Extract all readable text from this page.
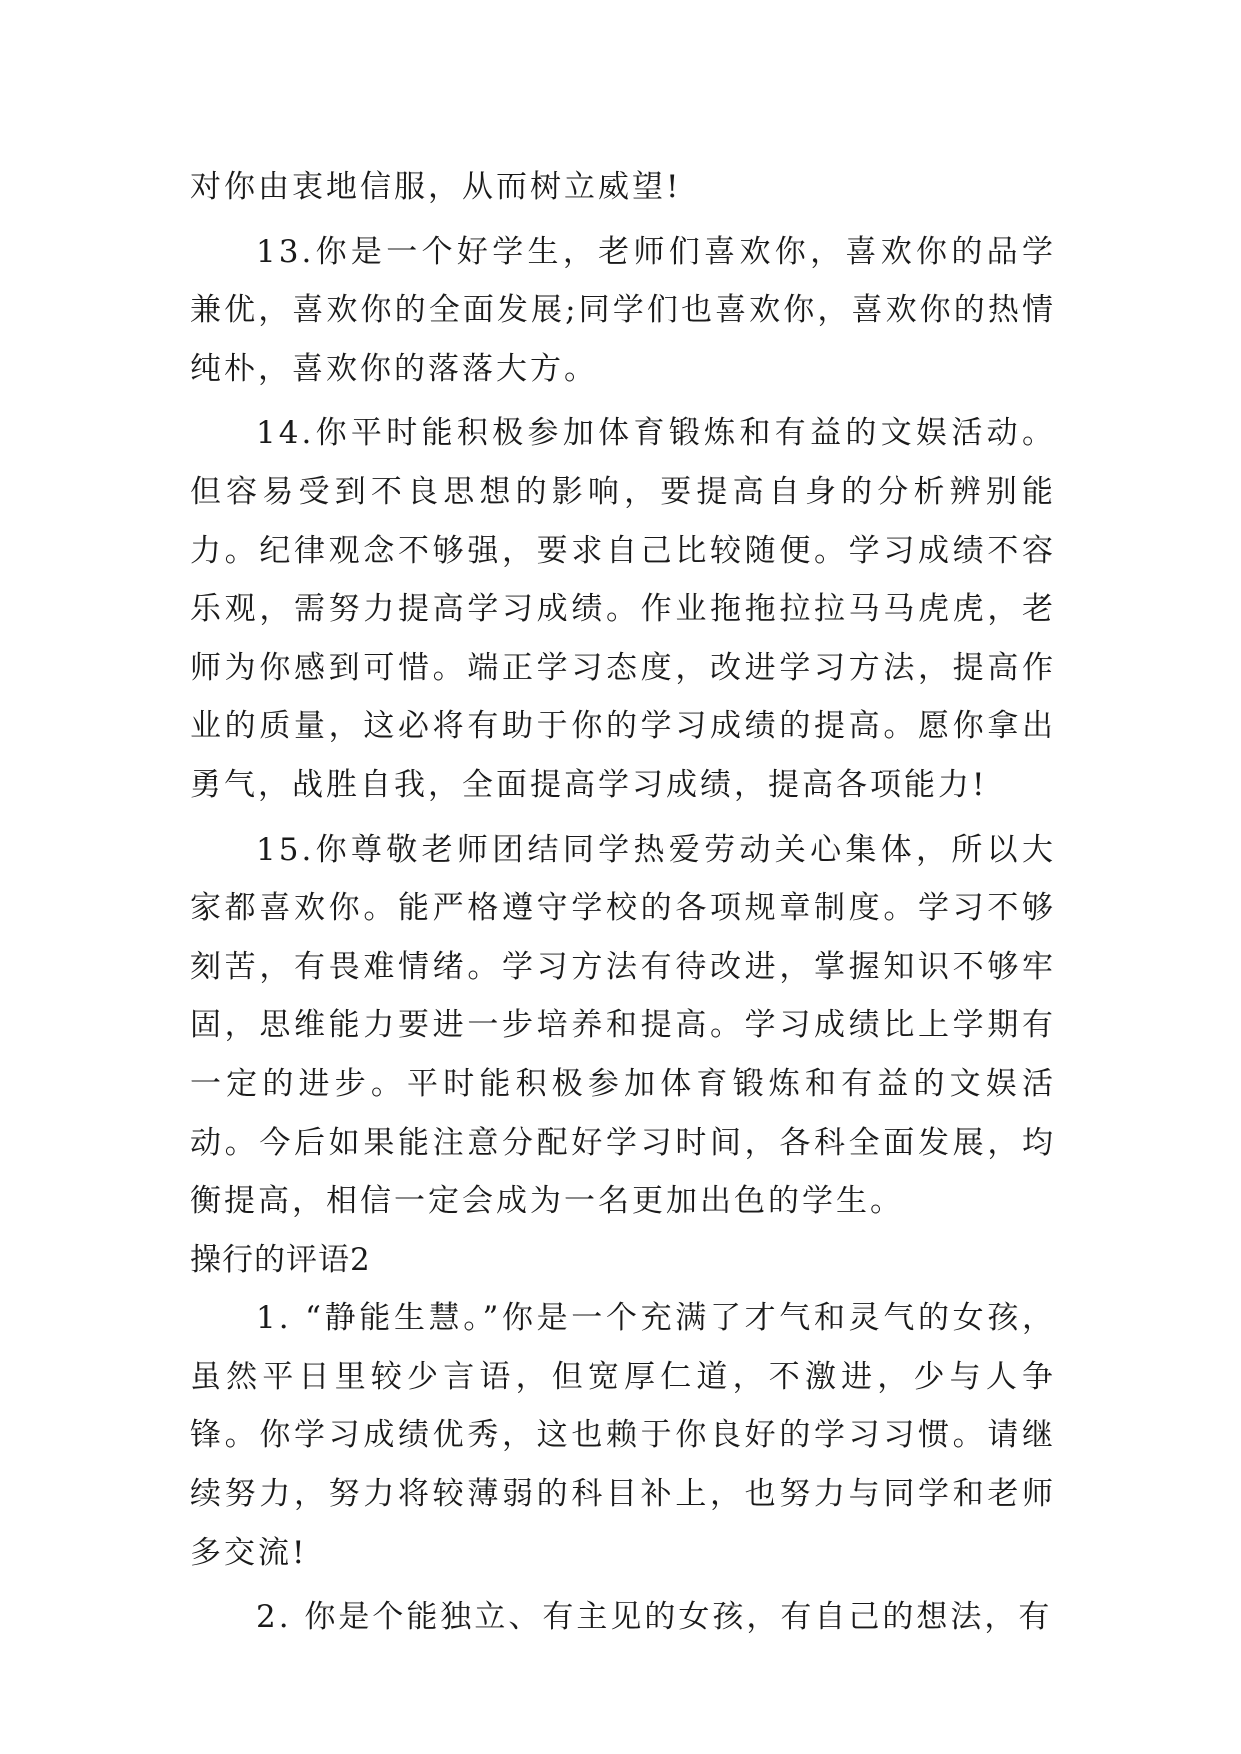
对你由衷地信服，从而树立威望!

13.你是一个好学生，老师们喜欢你，喜欢你的品学兼优，喜欢你的全面发展;同学们也喜欢你，喜欢你的热情纯朴，喜欢你的落落大方。

14.你平时能积极参加体育锻炼和有益的文娱活动。但容易受到不良思想的影响，要提高自身的分析辨别能力。纪律观念不够强，要求自己比较随便。学习成绩不容乐观，需努力提高学习成绩。作业拖拖拉拉马马虎虎，老师为你感到可惜。端正学习态度，改进学习方法，提高作业的质量，这必将有助于你的学习成绩的提高。愿你拿出勇气，战胜自我，全面提高学习成绩，提高各项能力!

15.你尊敬老师团结同学热爱劳动关心集体，所以大家都喜欢你。能严格遵守学校的各项规章制度。学习不够刻苦，有畏难情绪。学习方法有待改进，掌握知识不够牢固，思维能力要进一步培养和提高。学习成绩比上学期有一定的进步。平时能积极参加体育锻炼和有益的文娱活动。今后如果能注意分配好学习时间，各科全面发展，均衡提高，相信一定会成为一名更加出色的学生。

操行的评语2

1. “静能生慧。”你是一个充满了才气和灵气的女孩，虽然平日里较少言语，但宽厚仁道，不激进，少与人争锋。你学习成绩优秀，这也赖于你良好的学习习惯。请继续努力，努力将较薄弱的科目补上，也努力与同学和老师多交流!

2. 你是个能独立、有主见的女孩，有自己的想法，有
